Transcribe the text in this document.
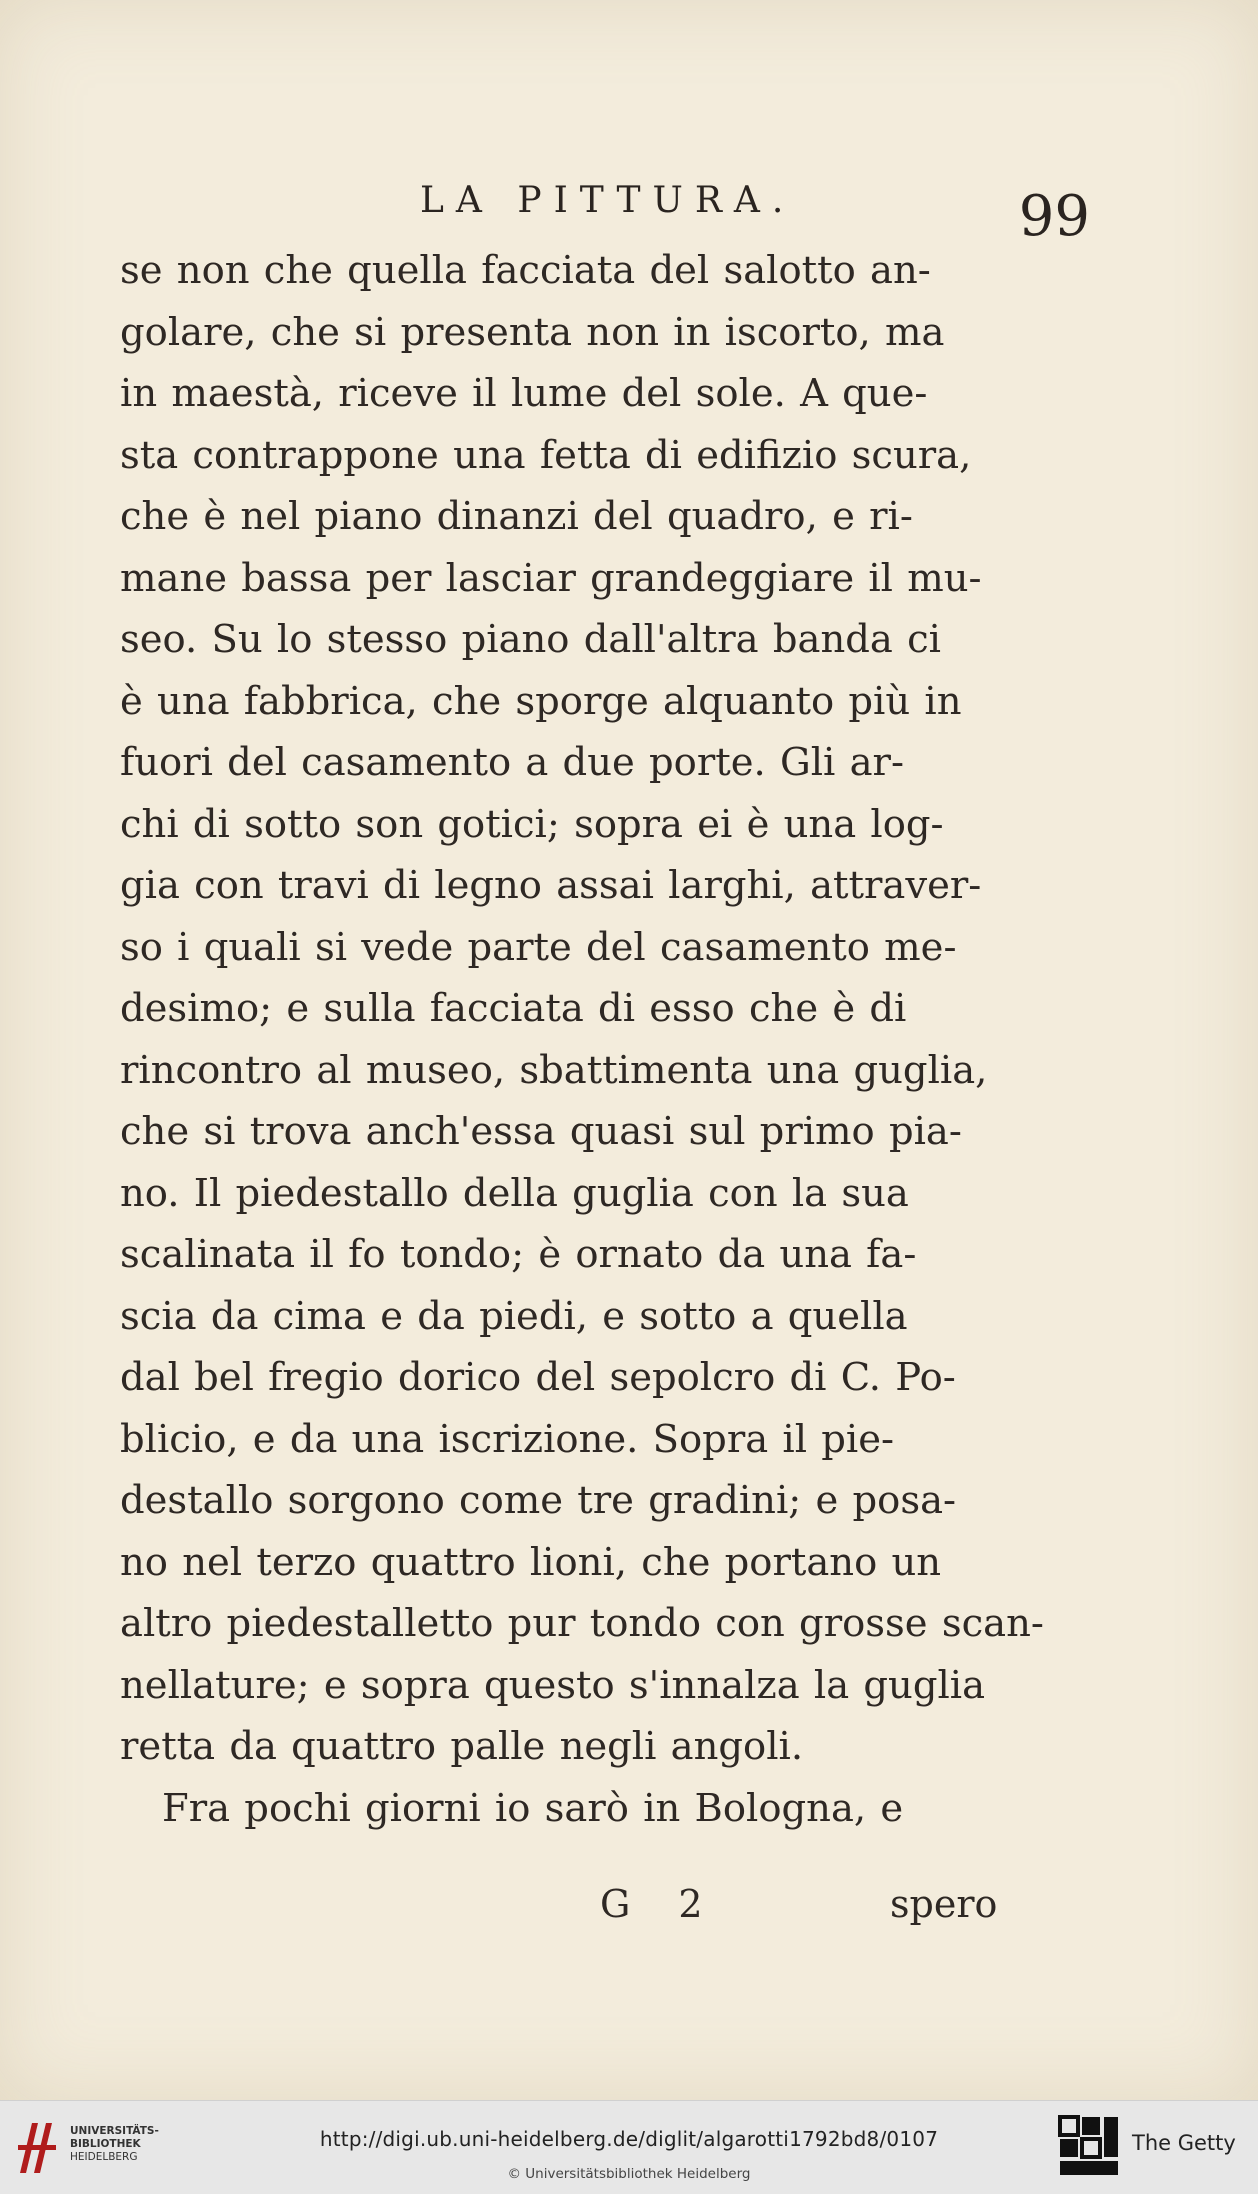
LA PITTURA.	99
se non che quella facciata del salotto an-
golare, che si presenta non in iscorto, ma
in maestà, riceve il lume del sole. A que-
sta contrappone una fetta di edifizio scura,
che è nel piano dinanzi del quadro, e ri-
mane bassa per lasciar grandeggiare il mu-
seo. Su lo stesso piano dall'altra banda ci
è una fabbrica, che sporge alquanto più in
fuori del casamento a due porte. Gli ar-
chi di sotto son gotici; sopra ei è una log-
gia con travi di legno assai larghi, attraver-
so i quali si vede parte del casamento me-
desimo; e sulla facciata di esso che è di
rincontro al museo, sbattimenta una guglia,
che si trova anch'essa quasi sul primo pia-
no. Il piedestallo della guglia con la sua
scalinata il fo tondo; è ornato da una fa-
scia da cima e da piedi, e sotto a quella
dal bel fregio dorico del sepolcro di C. Po-
blicio, e da una iscrizione. Sopra il pie-
destallo sorgono come tre gradini; e posa-
no nel terzo quattro lioni, che portano un
altro piedestalletto pur tondo con grosse scan-
nellature; e sopra questo s'innalza la guglia
retta da quattro palle negli angoli.
Fra pochi giorni io sarò in Bologna, e
G 2	spero
UNIVERSITÄTS-
BIBLIOTHEK
HEIDELBERG
http://digi.ub.uni-heidelberg.de/diglit/algarotti1792bd8/0107
© Universitätsbibliothek Heidelberg
The Getty
